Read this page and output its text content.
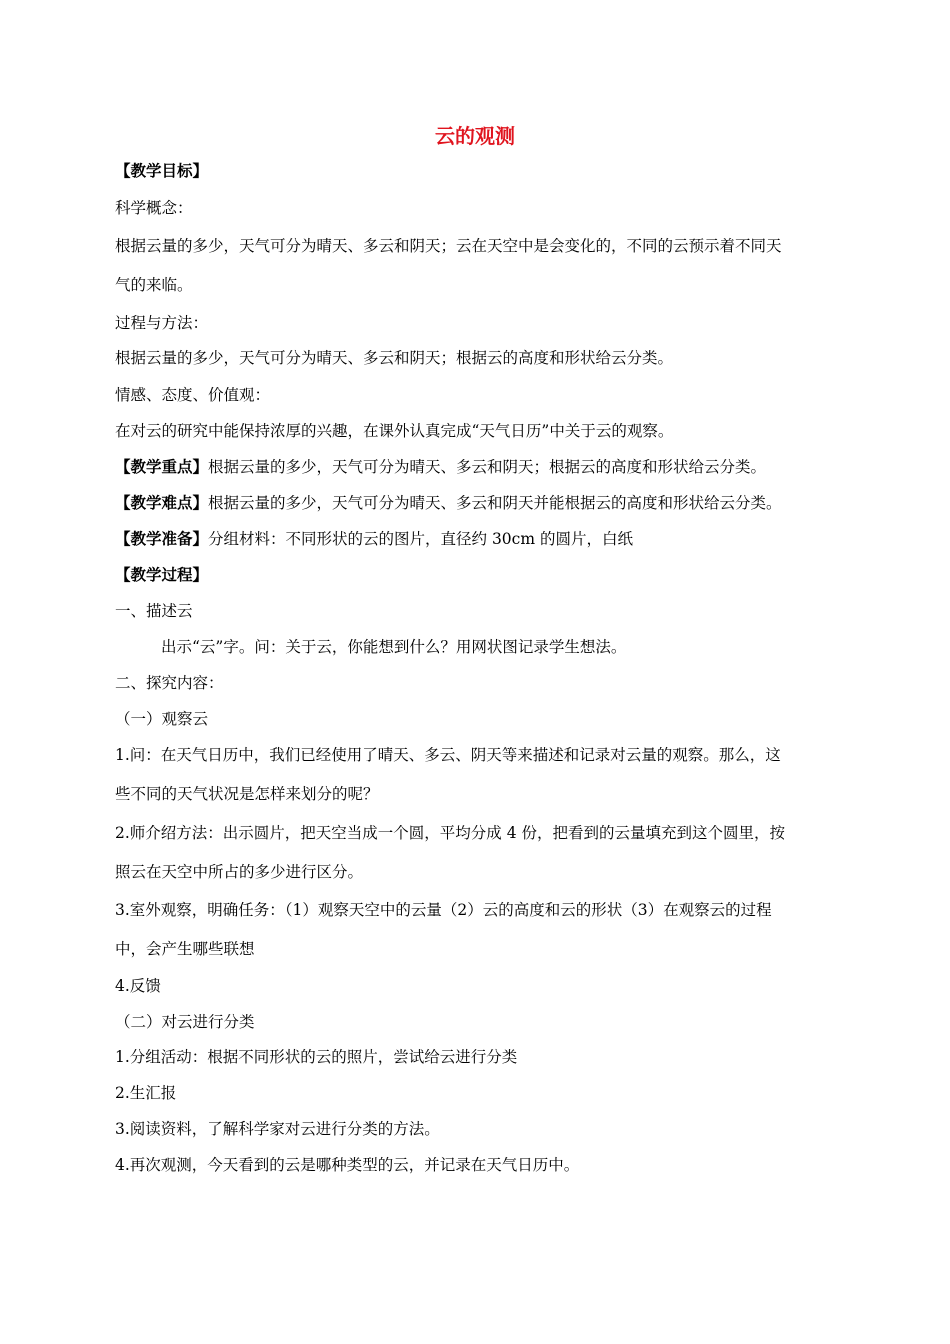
云的观测

【教学目标】

科学概念：

根据云量的多少，天气可分为晴天、多云和阴天；云在天空中是会变化的，不同的云预示着不同天

气的来临。

过程与方法：

根据云量的多少，天气可分为晴天、多云和阴天；根据云的高度和形状给云分类。

情感、态度、价值观：

在对云的研究中能保持浓厚的兴趣，在课外认真完成“天气日历”中关于云的观察。

【教学重点】根据云量的多少，天气可分为晴天、多云和阴天；根据云的高度和形状给云分类。

【教学难点】根据云量的多少，天气可分为晴天、多云和阴天并能根据云的高度和形状给云分类。

【教学准备】分组材料：不同形状的云的图片，直径约 30cm 的圆片，白纸

【教学过程】

一、描述云

出示“云”字。问：关于云，你能想到什么？用网状图记录学生想法。

二、探究内容：

（一）观察云

1.问：在天气日历中，我们已经使用了晴天、多云、阴天等来描述和记录对云量的观察。那么，这

些不同的天气状况是怎样来划分的呢？

2.师介绍方法：出示圆片，把天空当成一个圆，平均分成 4 份，把看到的云量填充到这个圆里，按

照云在天空中所占的多少进行区分。

3.室外观察，明确任务：（1）观察天空中的云量（2）云的高度和云的形状（3）在观察云的过程

中，会产生哪些联想

4.反馈

（二）对云进行分类

1.分组活动：根据不同形状的云的照片，尝试给云进行分类

2.生汇报

3.阅读资料，了解科学家对云进行分类的方法。

4.再次观测，今天看到的云是哪种类型的云，并记录在天气日历中。
